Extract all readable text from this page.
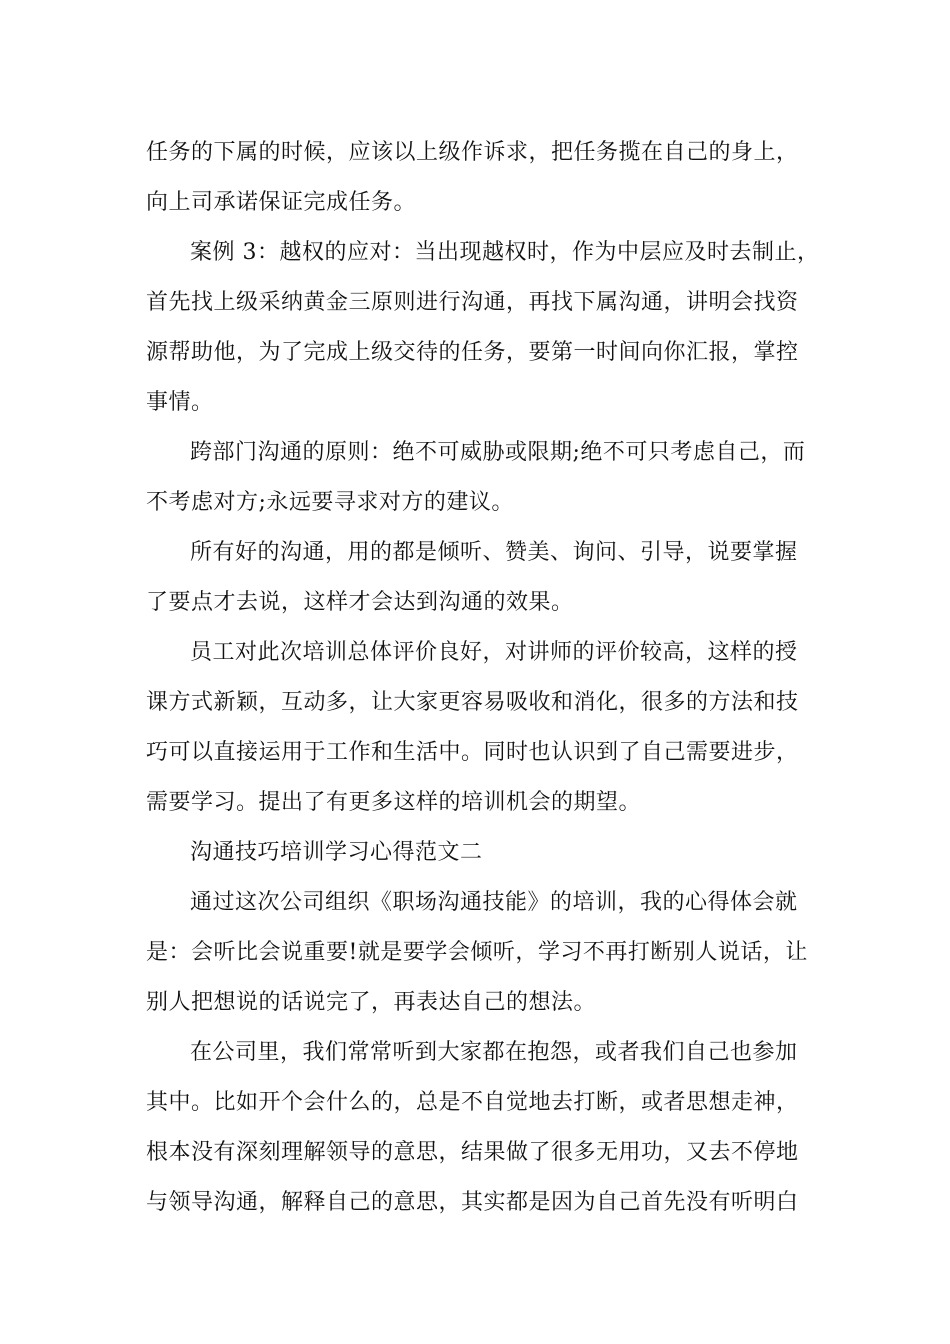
任务的下属的时候，应该以上级作诉求，把任务揽在自己的身上，
向上司承诺保证完成任务。
案例 3：越权的应对：当出现越权时，作为中层应及时去制止，
首先找上级采纳黄金三原则进行沟通，再找下属沟通，讲明会找资
源帮助他，为了完成上级交待的任务，要第一时间向你汇报，掌控
事情。
跨部门沟通的原则：绝不可威胁或限期;绝不可只考虑自己，而
不考虑对方;永远要寻求对方的建议。
所有好的沟通，用的都是倾听、赞美、询问、引导，说要掌握
了要点才去说，这样才会达到沟通的效果。
员工对此次培训总体评价良好，对讲师的评价较高，这样的授
课方式新颖，互动多，让大家更容易吸收和消化，很多的方法和技
巧可以直接运用于工作和生活中。同时也认识到了自己需要进步，
需要学习。提出了有更多这样的培训机会的期望。
沟通技巧培训学习心得范文二
通过这次公司组织《职场沟通技能》的培训，我的心得体会就
是：会听比会说重要!就是要学会倾听，学习不再打断别人说话，让
别人把想说的话说完了，再表达自己的想法。
在公司里，我们常常听到大家都在抱怨，或者我们自己也参加
其中。比如开个会什么的，总是不自觉地去打断，或者思想走神，
根本没有深刻理解领导的意思，结果做了很多无用功，又去不停地
与领导沟通，解释自己的意思，其实都是因为自己首先没有听明白
